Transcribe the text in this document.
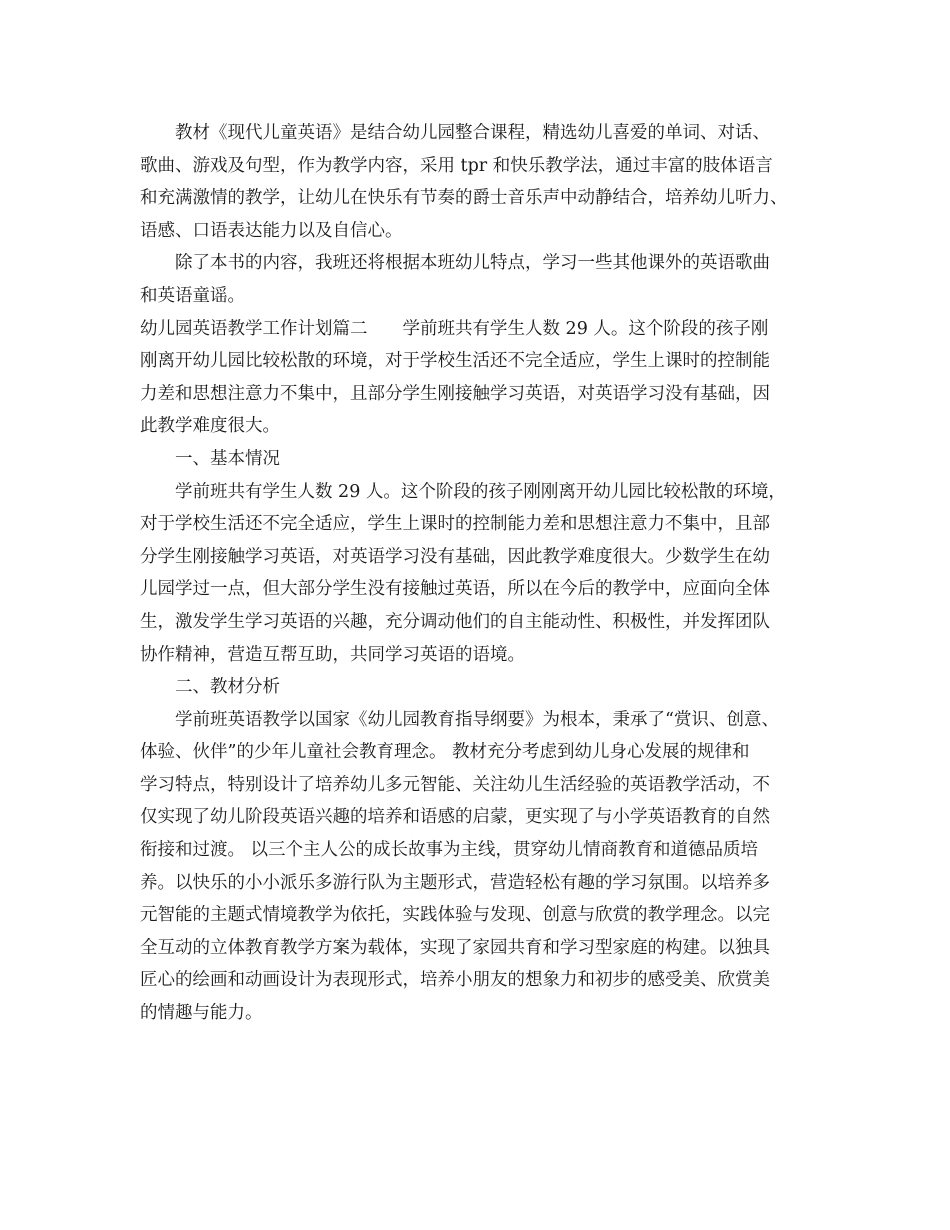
教材《现代儿童英语》是结合幼儿园整合课程，精选幼儿喜爱的单词、对话、
歌曲、游戏及句型，作为教学内容，采用 tpr 和快乐教学法，通过丰富的肢体语言
和充满激情的教学，让幼儿在快乐有节奏的爵士音乐声中动静结合，培养幼儿听力、
语感、口语表达能力以及自信心。
除了本书的内容，我班还将根据本班幼儿特点，学习一些其他课外的英语歌曲
和英语童谣。
幼儿园英语教学工作计划篇二 学前班共有学生人数 29 人。这个阶段的孩子刚
刚离开幼儿园比较松散的环境，对于学校生活还不完全适应，学生上课时的控制能
力差和思想注意力不集中，且部分学生刚接触学习英语，对英语学习没有基础，因
此教学难度很大。
一、基本情况
学前班共有学生人数 29 人。这个阶段的孩子刚刚离开幼儿园比较松散的环境，
对于学校生活还不完全适应，学生上课时的控制能力差和思想注意力不集中，且部
分学生刚接触学习英语，对英语学习没有基础，因此教学难度很大。少数学生在幼
儿园学过一点，但大部分学生没有接触过英语，所以在今后的教学中，应面向全体
生，激发学生学习英语的兴趣，充分调动他们的自主能动性、积极性，并发挥团队
协作精神，营造互帮互助，共同学习英语的语境。
二、教材分析
学前班英语教学以国家《幼儿园教育指导纲要》为根本，秉承了“赏识、创意、
体验、伙伴”的少年儿童社会教育理念。 教材充分考虑到幼儿身心发展的规律和
学习特点，特别设计了培养幼儿多元智能、关注幼儿生活经验的英语教学活动，不
仅实现了幼儿阶段英语兴趣的培养和语感的启蒙，更实现了与小学英语教育的自然
衔接和过渡。 以三个主人公的成长故事为主线，贯穿幼儿情商教育和道德品质培
养。以快乐的小小派乐多游行队为主题形式，营造轻松有趣的学习氛围。以培养多
元智能的主题式情境教学为依托，实践体验与发现、创意与欣赏的教学理念。以完
全互动的立体教育教学方案为载体，实现了家园共育和学习型家庭的构建。以独具
匠心的绘画和动画设计为表现形式，培养小朋友的想象力和初步的感受美、欣赏美
的情趣与能力。
